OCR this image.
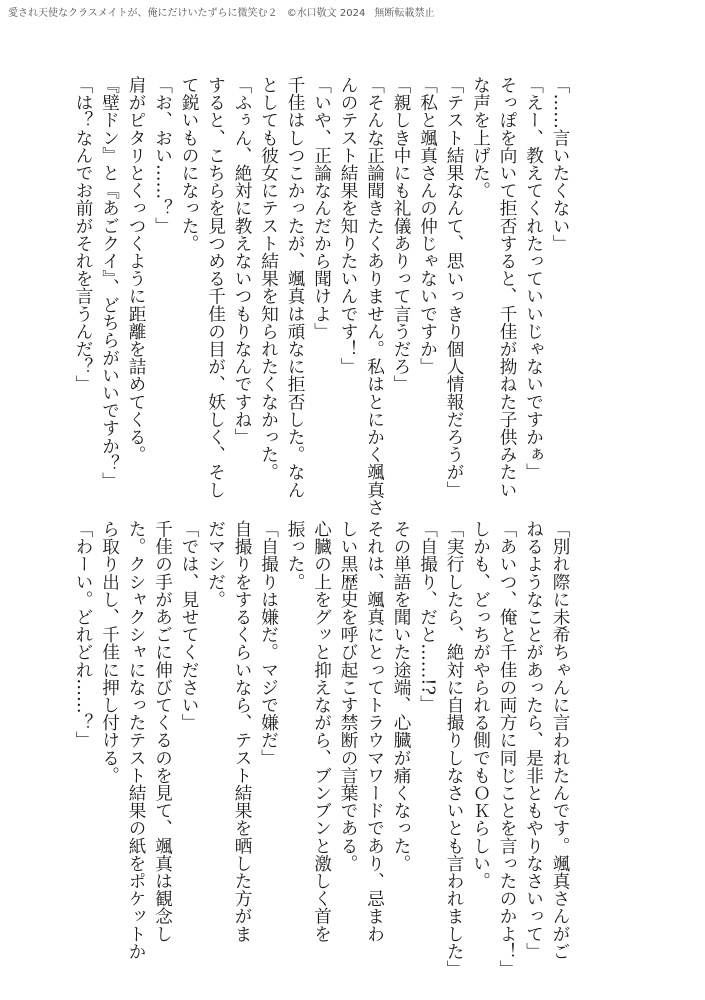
愛され天使なクラスメイトが、俺にだけいたずらに微笑む２ ©水口敬文 2024 無断転載禁止
「……言いたくない」
「えー、教えてくれたっていいじゃないですかぁ」
そっぽを向いて拒否すると、千佳が拗ねた子供みたい
な声を上げた。
「テスト結果なんて、思いっきり個人情報だろうが」
「私と颯真さんの仲じゃないですか」
「親しき中にも礼儀ありって言うだろ」
「そんな正論聞きたくありません。私はとにかく颯真さ
んのテスト結果を知りたいんです！」
「いや、正論なんだから聞けよ」
千佳はしつこかったが、颯真は頑なに拒否した。なん
としても彼女にテスト結果を知られたくなかった。
「ふぅん、絶対に教えないつもりなんですね」
すると、こちらを見つめる千佳の目が、妖しく、そし
て鋭いものになった。
「お、おい……？」
肩がピタリとくっつくように距離を詰めてくる。
『壁ドン』と『あごクイ』、どちらがいいですか？」
「は？なんでお前がそれを言うんだ？」
「別れ際に未希ちゃんに言われたんです。颯真さんがご
ねるようなことがあったら、是非ともやりなさいって」
「あいつ、俺と千佳の両方に同じことを言ったのかよ！」
しかも、どっちがやられる側でもＯＫらしい。
「実行したら、絶対に自撮りしなさいとも言われました」
「自撮り、だと……!?」
その単語を聞いた途端、心臓が痛くなった。
それは、颯真にとってトラウマワードであり、忌まわ
しい黒歴史を呼び起こす禁断の言葉である。
心臓の上をグッと抑えながら、ブンブンと激しく首を
振った。
「自撮りは嫌だ。マジで嫌だ」
自撮りをするくらいなら、テスト結果を晒した方がま
だマシだ。
「では、見せてください」
千佳の手があごに伸びてくるのを見て、颯真は観念し
た。クシャクシャになったテスト結果の紙をポケットか
ら取り出し、千佳に押し付ける。
「わーい。どれどれ……？」
